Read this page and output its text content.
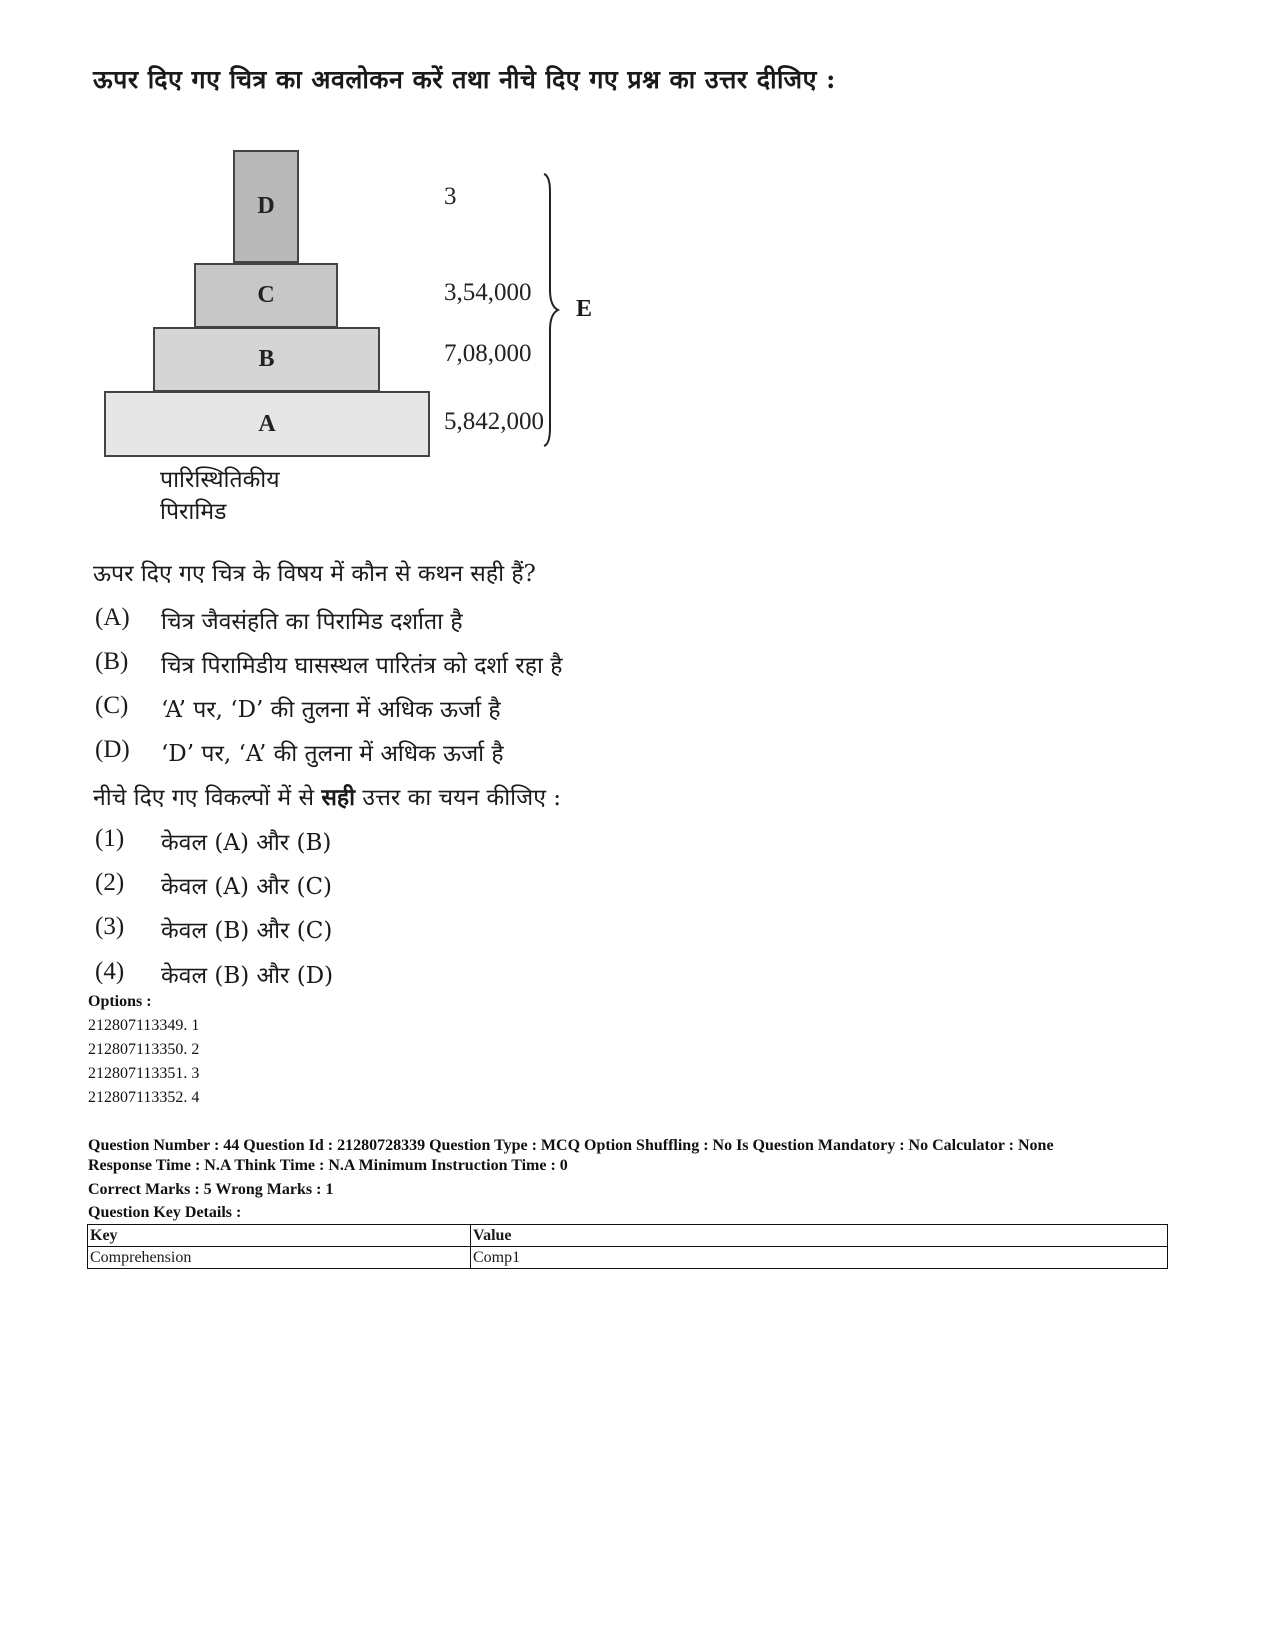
ऊपर दिए गए चित्र का अवलोकन करें तथा नीचे दिए गए प्रश्न का उत्तर दीजिए :
D
C
B
A
3
3,54,000
7,08,000
5,842,000
E
पारिस्थितिकीय पिरामिड
ऊपर दिए गए चित्र के विषय में कौन से कथन सही हैं?
(A)	चित्र जैवसंहति का पिरामिड दर्शाता है
(B)	चित्र पिरामिडीय घासस्थल पारितंत्र को दर्शा रहा है
(C)	‘A’ पर, ‘D’ की तुलना में अधिक ऊर्जा है
(D)	‘D’ पर, ‘A’ की तुलना में अधिक ऊर्जा है
नीचे दिए गए विकल्पों में से सही उत्तर का चयन कीजिए :
(1)	केवल (A) और (B)
(2)	केवल (A) और (C)
(3)	केवल (B) और (C)
(4)	केवल (B) और (D)
Options :
212807113349. 1
212807113350. 2
212807113351. 3
212807113352. 4
Question Number : 44 Question Id : 21280728339 Question Type : MCQ Option Shuffling : No Is Question Mandatory : No Calculator : None
Response Time : N.A Think Time : N.A Minimum Instruction Time : 0
Correct Marks : 5 Wrong Marks : 1
Question Key Details :
Key	Value
Comprehension	Comp1
